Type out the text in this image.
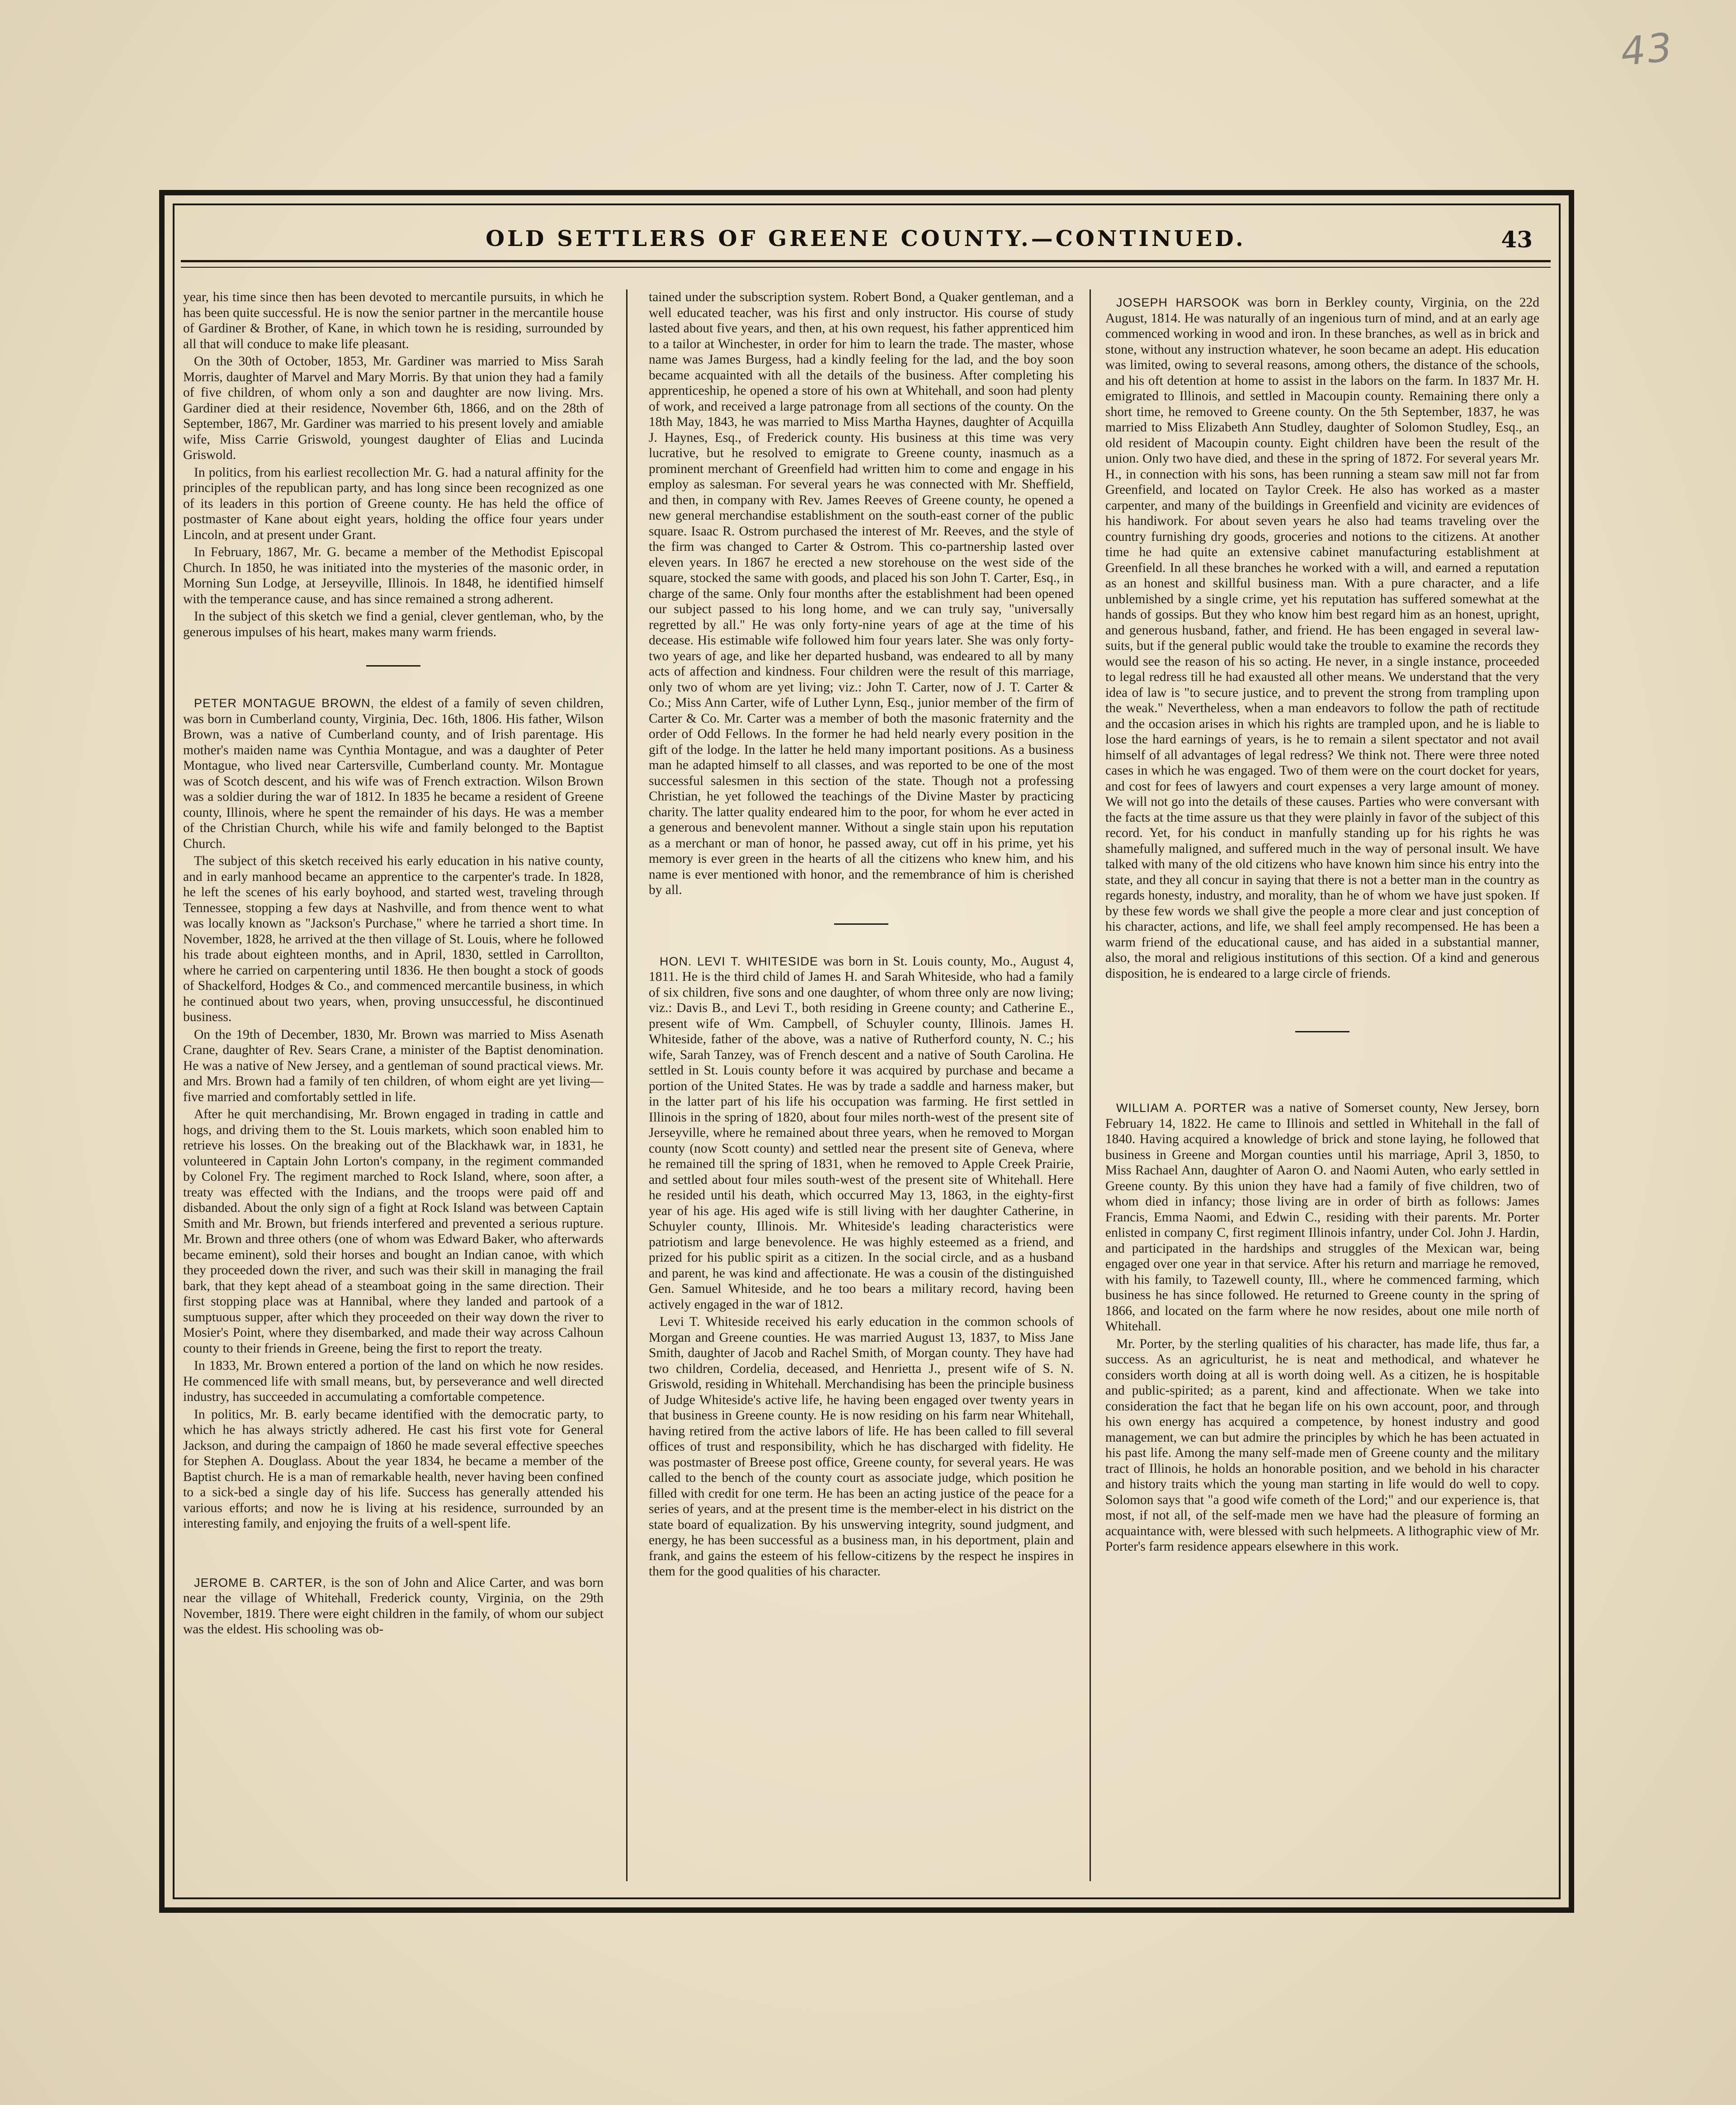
43
OLD SETTLERS OF GREENE COUNTY.—CONTINUED.	43

year, his time since then has been devoted to mercantile pursuits, in which he has been quite successful. He is now the senior partner in the mercantile house of Gardiner & Brother, of Kane, in which town he is residing, surrounded by all that will conduce to make life pleasant.

On the 30th of October, 1853, Mr. Gardiner was married to Miss Sarah Morris, daughter of Marvel and Mary Morris. By that union they had a family of five children, of whom only a son and daughter are now living. Mrs. Gardiner died at their residence, November 6th, 1866, and on the 28th of September, 1867, Mr. Gardiner was married to his present lovely and amiable wife, Miss Carrie Griswold, youngest daughter of Elias and Lucinda Griswold.

In politics, from his earliest recollection Mr. G. had a natural affinity for the principles of the republican party, and has long since been recognized as one of its leaders in this portion of Greene county. He has held the office of postmaster of Kane about eight years, holding the office four years under Lincoln, and at present under Grant.

In February, 1867, Mr. G. became a member of the Methodist Episcopal Church. In 1850, he was initiated into the mysteries of the masonic order, in Morning Sun Lodge, at Jerseyville, Illinois. In 1848, he identified himself with the temperance cause, and has since remained a strong adherent.

In the subject of this sketch we find a genial, clever gentleman, who, by the generous impulses of his heart, makes many warm friends.

PETER MONTAGUE BROWN, the eldest of a family of seven children, was born in Cumberland county, Virginia, Dec. 16th, 1806. His father, Wilson Brown, was a native of Cumberland county, and of Irish parentage. His mother's maiden name was Cynthia Montague, and was a daughter of Peter Montague, who lived near Cartersville, Cumberland county. Mr. Montague was of Scotch descent, and his wife was of French extraction. Wilson Brown was a soldier during the war of 1812. In 1835 he became a resident of Greene county, Illinois, where he spent the remainder of his days. He was a member of the Christian Church, while his wife and family belonged to the Baptist Church.

The subject of this sketch received his early education in his native county, and in early manhood became an apprentice to the carpenter's trade. In 1828, he left the scenes of his early boyhood, and started west, traveling through Tennessee, stopping a few days at Nashville, and from thence went to what was locally known as "Jackson's Purchase," where he tarried a short time. In November, 1828, he arrived at the then village of St. Louis, where he followed his trade about eighteen months, and in April, 1830, settled in Carrollton, where he carried on carpentering until 1836. He then bought a stock of goods of Shackelford, Hodges & Co., and commenced mercantile business, in which he continued about two years, when, proving unsuccessful, he discontinued business.

On the 19th of December, 1830, Mr. Brown was married to Miss Asenath Crane, daughter of Rev. Sears Crane, a minister of the Baptist denomination. He was a native of New Jersey, and a gentleman of sound practical views. Mr. and Mrs. Brown had a family of ten children, of whom eight are yet living—five married and comfortably settled in life.

After he quit merchandising, Mr. Brown engaged in trading in cattle and hogs, and driving them to the St. Louis markets, which soon enabled him to retrieve his losses. On the breaking out of the Blackhawk war, in 1831, he volunteered in Captain John Lorton's company, in the regiment commanded by Colonel Fry. The regiment marched to Rock Island, where, soon after, a treaty was effected with the Indians, and the troops were paid off and disbanded. About the only sign of a fight at Rock Island was between Captain Smith and Mr. Brown, but friends interfered and prevented a serious rupture. Mr. Brown and three others (one of whom was Edward Baker, who afterwards became eminent), sold their horses and bought an Indian canoe, with which they proceeded down the river, and such was their skill in managing the frail bark, that they kept ahead of a steamboat going in the same direction. Their first stopping place was at Hannibal, where they landed and partook of a sumptuous supper, after which they proceeded on their way down the river to Mosier's Point, where they disembarked, and made their way across Calhoun county to their friends in Greene, being the first to report the treaty.

In 1833, Mr. Brown entered a portion of the land on which he now resides. He commenced life with small means, but, by perseverance and well directed industry, has succeeded in accumulating a comfortable competence.

In politics, Mr. B. early became identified with the democratic party, to which he has always strictly adhered. He cast his first vote for General Jackson, and during the campaign of 1860 he made several effective speeches for Stephen A. Douglass. About the year 1834, he became a member of the Baptist church. He is a man of remarkable health, never having been confined to a sick-bed a single day of his life. Success has generally attended his various efforts; and now he is living at his residence, surrounded by an interesting family, and enjoying the fruits of a well-spent life.

JEROME B. CARTER, is the son of John and Alice Carter, and was born near the village of Whitehall, Frederick county, Virginia, on the 29th November, 1819. There were eight children in the family, of whom our subject was the eldest. His schooling was ob-

tained under the subscription system. Robert Bond, a Quaker gentleman, and a well educated teacher, was his first and only instructor. His course of study lasted about five years, and then, at his own request, his father apprenticed him to a tailor at Winchester, in order for him to learn the trade. The master, whose name was James Burgess, had a kindly feeling for the lad, and the boy soon became acquainted with all the details of the business. After completing his apprenticeship, he opened a store of his own at Whitehall, and soon had plenty of work, and received a large patronage from all sections of the county. On the 18th May, 1843, he was married to Miss Martha Haynes, daughter of Acquilla J. Haynes, Esq., of Frederick county. His business at this time was very lucrative, but he resolved to emigrate to Greene county, inasmuch as a prominent merchant of Greenfield had written him to come and engage in his employ as salesman. For several years he was connected with Mr. Sheffield, and then, in company with Rev. James Reeves of Greene county, he opened a new general merchandise establishment on the south-east corner of the public square. Isaac R. Ostrom purchased the interest of Mr. Reeves, and the style of the firm was changed to Carter & Ostrom. This co-partnership lasted over eleven years. In 1867 he erected a new storehouse on the west side of the square, stocked the same with goods, and placed his son John T. Carter, Esq., in charge of the same. Only four months after the establishment had been opened our subject passed to his long home, and we can truly say, "universally regretted by all." He was only forty-nine years of age at the time of his decease. His estimable wife followed him four years later. She was only forty-two years of age, and like her departed husband, was endeared to all by many acts of affection and kindness. Four children were the result of this marriage, only two of whom are yet living; viz.: John T. Carter, now of J. T. Carter & Co.; Miss Ann Carter, wife of Luther Lynn, Esq., junior member of the firm of Carter & Co. Mr. Carter was a member of both the masonic fraternity and the order of Odd Fellows. In the former he had held nearly every position in the gift of the lodge. In the latter he held many important positions. As a business man he adapted himself to all classes, and was reported to be one of the most successful salesmen in this section of the state. Though not a professing Christian, he yet followed the teachings of the Divine Master by practicing charity. The latter quality endeared him to the poor, for whom he ever acted in a generous and benevolent manner. Without a single stain upon his reputation as a merchant or man of honor, he passed away, cut off in his prime, yet his memory is ever green in the hearts of all the citizens who knew him, and his name is ever mentioned with honor, and the remembrance of him is cherished by all.

HON. LEVI T. WHITESIDE was born in St. Louis county, Mo., August 4, 1811. He is the third child of James H. and Sarah Whiteside, who had a family of six children, five sons and one daughter, of whom three only are now living; viz.: Davis B., and Levi T., both residing in Greene county; and Catherine E., present wife of Wm. Campbell, of Schuyler county, Illinois. James H. Whiteside, father of the above, was a native of Rutherford county, N. C.; his wife, Sarah Tanzey, was of French descent and a native of South Carolina. He settled in St. Louis county before it was acquired by purchase and became a portion of the United States. He was by trade a saddle and harness maker, but in the latter part of his life his occupation was farming. He first settled in Illinois in the spring of 1820, about four miles north-west of the present site of Jerseyville, where he remained about three years, when he removed to Morgan county (now Scott county) and settled near the present site of Geneva, where he remained till the spring of 1831, when he removed to Apple Creek Prairie, and settled about four miles south-west of the present site of Whitehall. Here he resided until his death, which occurred May 13, 1863, in the eighty-first year of his age. His aged wife is still living with her daughter Catherine, in Schuyler county, Illinois. Mr. Whiteside's leading characteristics were patriotism and large benevolence. He was highly esteemed as a friend, and prized for his public spirit as a citizen. In the social circle, and as a husband and parent, he was kind and affectionate. He was a cousin of the distinguished Gen. Samuel Whiteside, and he too bears a military record, having been actively engaged in the war of 1812.

Levi T. Whiteside received his early education in the common schools of Morgan and Greene counties. He was married August 13, 1837, to Miss Jane Smith, daughter of Jacob and Rachel Smith, of Morgan county. They have had two children, Cordelia, deceased, and Henrietta J., present wife of S. N. Griswold, residing in Whitehall. Merchandising has been the principle business of Judge Whiteside's active life, he having been engaged over twenty years in that business in Greene county. He is now residing on his farm near Whitehall, having retired from the active labors of life. He has been called to fill several offices of trust and responsibility, which he has discharged with fidelity. He was postmaster of Breese post office, Greene county, for several years. He was called to the bench of the county court as associate judge, which position he filled with credit for one term. He has been an acting justice of the peace for a series of years, and at the present time is the member-elect in his district on the state board of equalization. By his unswerving integrity, sound judgment, and energy, he has been successful as a business man, in his deportment, plain and frank, and gains the esteem of his fellow-citizens by the respect he inspires in them for the good qualities of his character.

JOSEPH HARSOOK was born in Berkley county, Virginia, on the 22d August, 1814. He was naturally of an ingenious turn of mind, and at an early age commenced working in wood and iron. In these branches, as well as in brick and stone, without any instruction whatever, he soon became an adept. His education was limited, owing to several reasons, among others, the distance of the schools, and his oft detention at home to assist in the labors on the farm. In 1837 Mr. H. emigrated to Illinois, and settled in Macoupin county. Remaining there only a short time, he removed to Greene county. On the 5th September, 1837, he was married to Miss Elizabeth Ann Studley, daughter of Solomon Studley, Esq., an old resident of Macoupin county. Eight children have been the result of the union. Only two have died, and these in the spring of 1872. For several years Mr. H., in connection with his sons, has been running a steam saw mill not far from Greenfield, and located on Taylor Creek. He also has worked as a master carpenter, and many of the buildings in Greenfield and vicinity are evidences of his handiwork. For about seven years he also had teams traveling over the country furnishing dry goods, groceries and notions to the citizens. At another time he had quite an extensive cabinet manufacturing establishment at Greenfield. In all these branches he worked with a will, and earned a reputation as an honest and skillful business man. With a pure character, and a life unblemished by a single crime, yet his reputation has suffered somewhat at the hands of gossips. But they who know him best regard him as an honest, upright, and generous husband, father, and friend. He has been engaged in several law-suits, but if the general public would take the trouble to examine the records they would see the reason of his so acting. He never, in a single instance, proceeded to legal redress till he had exausted all other means. We understand that the very idea of law is "to secure justice, and to prevent the strong from trampling upon the weak." Nevertheless, when a man endeavors to follow the path of rectitude and the occasion arises in which his rights are trampled upon, and he is liable to lose the hard earnings of years, is he to remain a silent spectator and not avail himself of all advantages of legal redress? We think not. There were three noted cases in which he was engaged. Two of them were on the court docket for years, and cost for fees of lawyers and court expenses a very large amount of money. We will not go into the details of these causes. Parties who were conversant with the facts at the time assure us that they were plainly in favor of the subject of this record. Yet, for his conduct in manfully standing up for his rights he was shamefully maligned, and suffered much in the way of personal insult. We have talked with many of the old citizens who have known him since his entry into the state, and they all concur in saying that there is not a better man in the country as regards honesty, industry, and morality, than he of whom we have just spoken. If by these few words we shall give the people a more clear and just conception of his character, actions, and life, we shall feel amply recompensed. He has been a warm friend of the educational cause, and has aided in a substantial manner, also, the moral and religious institutions of this section. Of a kind and generous disposition, he is endeared to a large circle of friends.

WILLIAM A. PORTER was a native of Somerset county, New Jersey, born February 14, 1822. He came to Illinois and settled in Whitehall in the fall of 1840. Having acquired a knowledge of brick and stone laying, he followed that business in Greene and Morgan counties until his marriage, April 3, 1850, to Miss Rachael Ann, daughter of Aaron O. and Naomi Auten, who early settled in Greene county. By this union they have had a family of five children, two of whom died in infancy; those living are in order of birth as follows: James Francis, Emma Naomi, and Edwin C., residing with their parents. Mr. Porter enlisted in company C, first regiment Illinois infantry, under Col. John J. Hardin, and participated in the hardships and struggles of the Mexican war, being engaged over one year in that service. After his return and marriage he removed, with his family, to Tazewell county, Ill., where he commenced farming, which business he has since followed. He returned to Greene county in the spring of 1866, and located on the farm where he now resides, about one mile north of Whitehall.

Mr. Porter, by the sterling qualities of his character, has made life, thus far, a success. As an agriculturist, he is neat and methodical, and whatever he considers worth doing at all is worth doing well. As a citizen, he is hospitable and public-spirited; as a parent, kind and affectionate. When we take into consideration the fact that he began life on his own account, poor, and through his own energy has acquired a competence, by honest industry and good management, we can but admire the principles by which he has been actuated in his past life. Among the many self-made men of Greene county and the military tract of Illinois, he holds an honorable position, and we behold in his character and history traits which the young man starting in life would do well to copy. Solomon says that "a good wife cometh of the Lord;" and our experience is, that most, if not all, of the self-made men we have had the pleasure of forming an acquaintance with, were blessed with such helpmeets. A lithographic view of Mr. Porter's farm residence appears elsewhere in this work.
